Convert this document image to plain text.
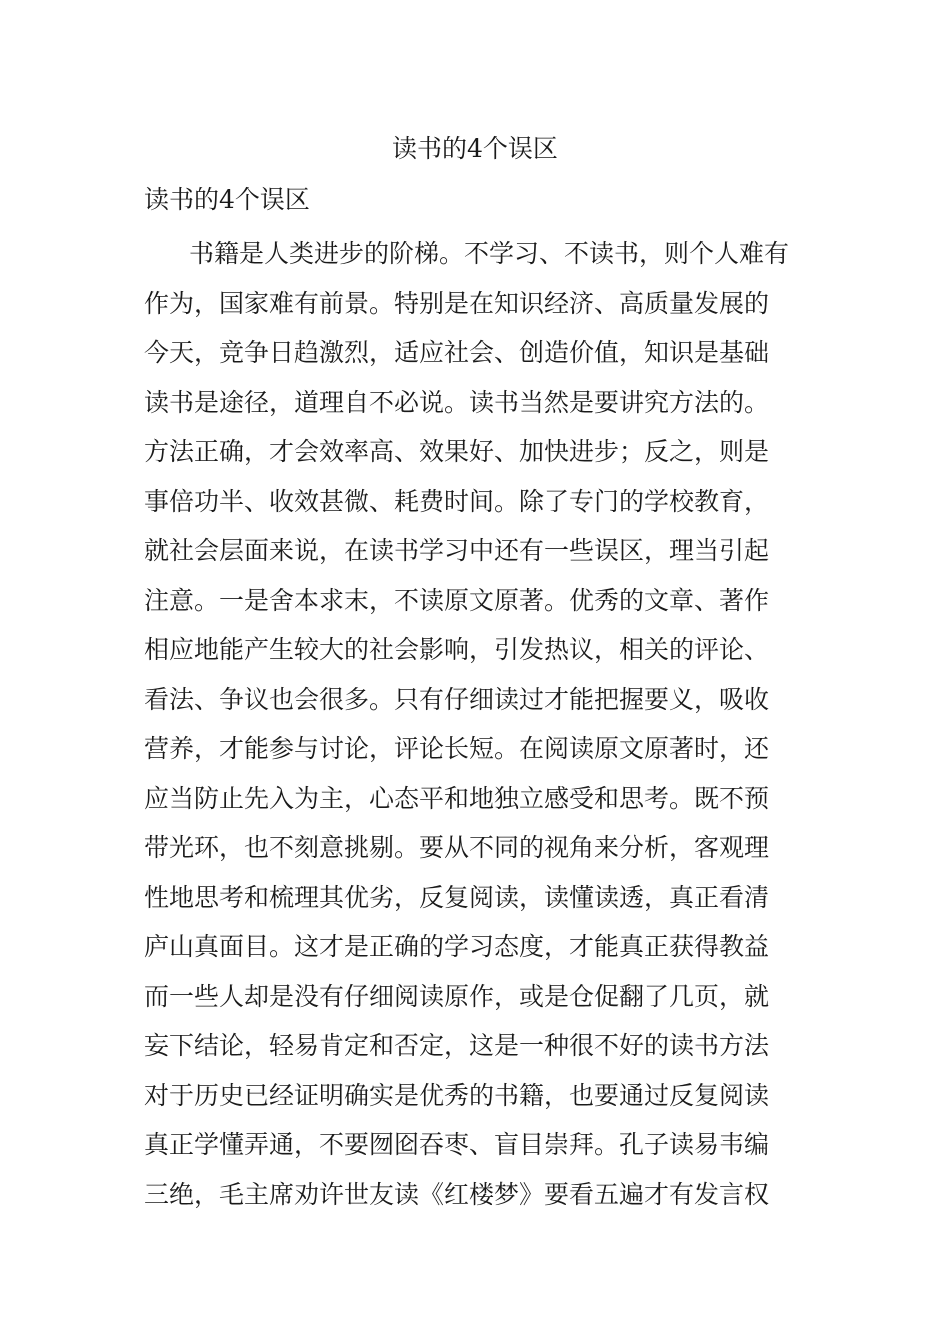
读书的4个误区
读书的4个误区
书籍是人类进步的阶梯。不学习、不读书，则个人难有
作为，国家难有前景。特别是在知识经济、高质量发展的
今天，竞争日趋激烈，适应社会、创造价值，知识是基础
读书是途径，道理自不必说。读书当然是要讲究方法的。
方法正确，才会效率高、效果好、加快进步；反之，则是
事倍功半、收效甚微、耗费时间。除了专门的学校教育，
就社会层面来说，在读书学习中还有一些误区，理当引起
注意。一是舍本求末，不读原文原著。优秀的文章、著作
相应地能产生较大的社会影响，引发热议，相关的评论、
看法、争议也会很多。只有仔细读过才能把握要义，吸收
营养，才能参与讨论，评论长短。在阅读原文原著时，还
应当防止先入为主，心态平和地独立感受和思考。既不预
带光环，也不刻意挑剔。要从不同的视角来分析，客观理
性地思考和梳理其优劣，反复阅读，读懂读透，真正看清
庐山真面目。这才是正确的学习态度，才能真正获得教益
而一些人却是没有仔细阅读原作，或是仓促翻了几页，就
妄下结论，轻易肯定和否定，这是一种很不好的读书方法
对于历史已经证明确实是优秀的书籍，也要通过反复阅读
真正学懂弄通，不要囫囵吞枣、盲目崇拜。孔子读易韦编
三绝，毛主席劝许世友读《红楼梦》要看五遍才有发言权
